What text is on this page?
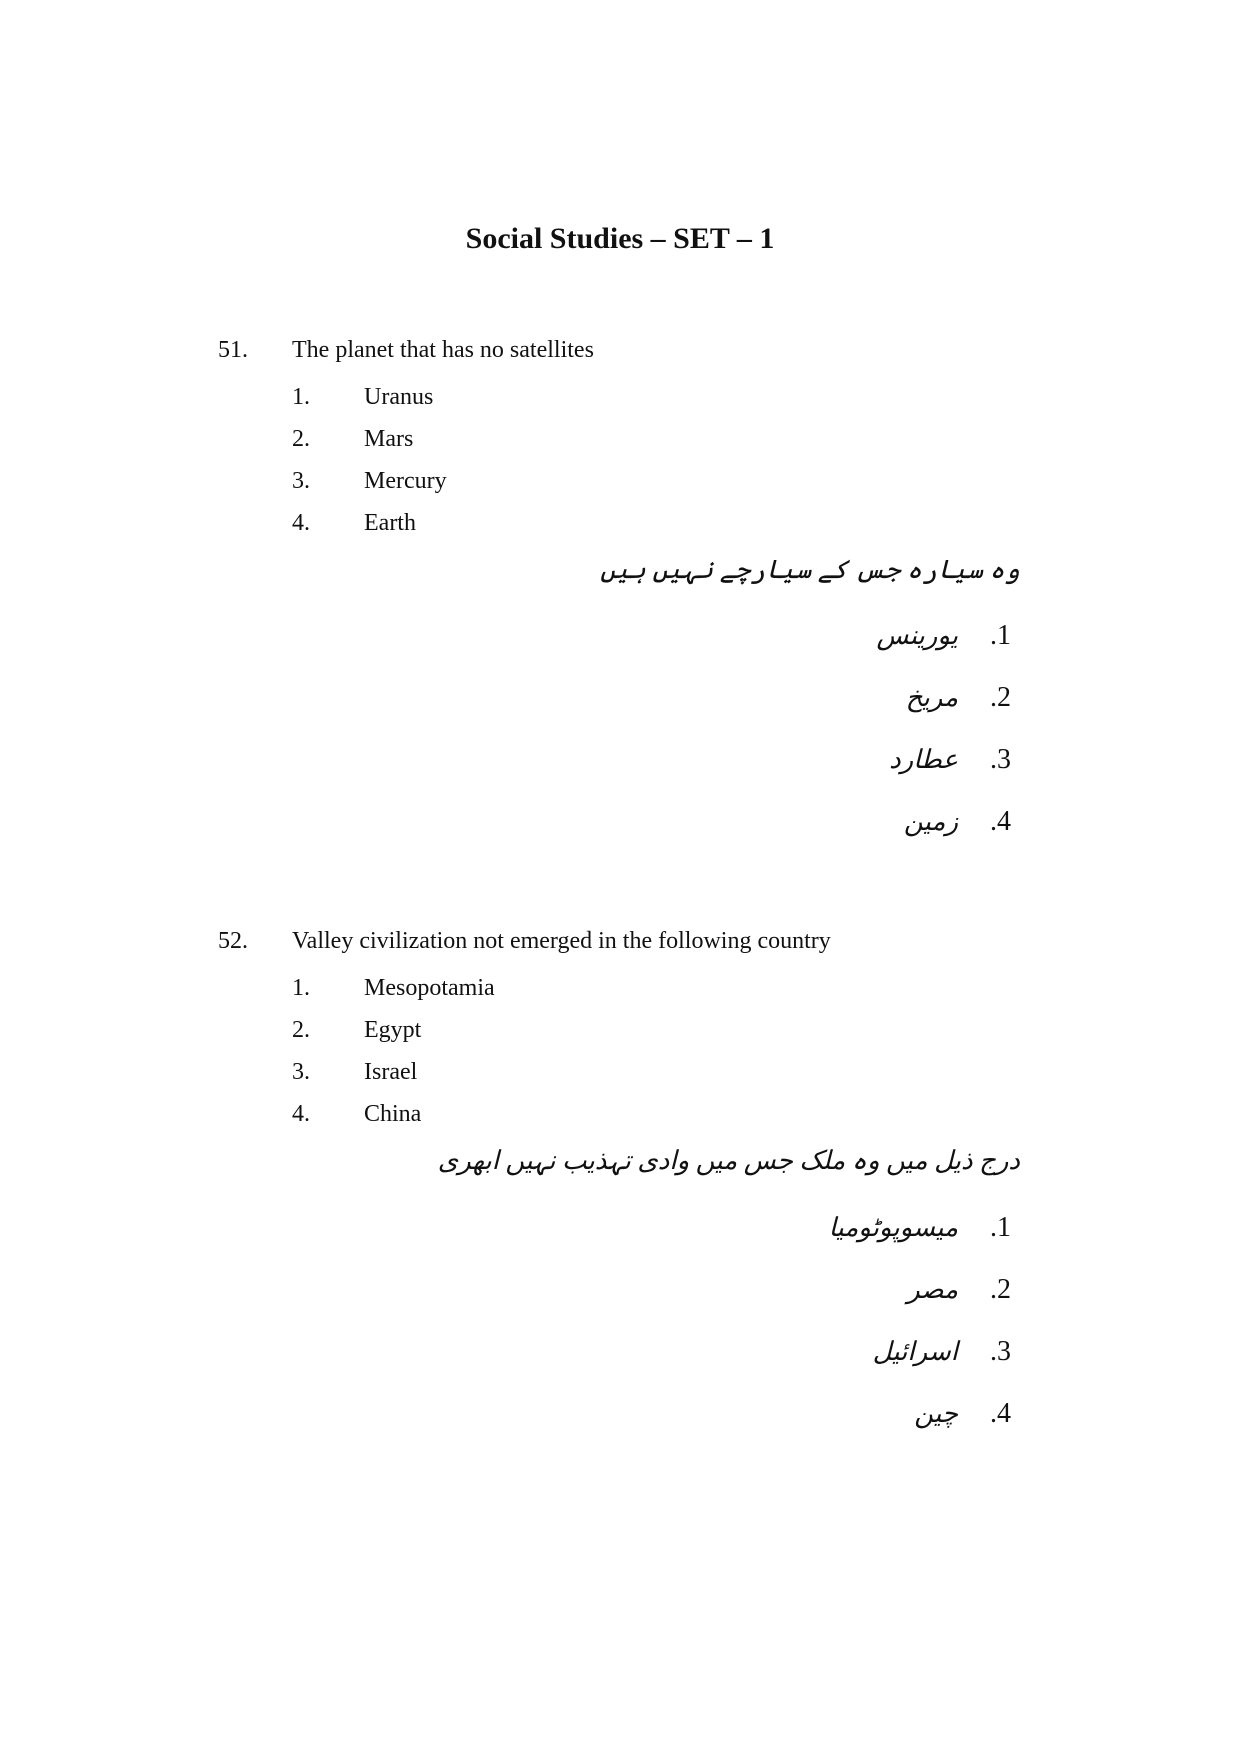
Social Studies – SET – 1
51. The planet that has no satellites
1. Uranus
2. Mars
3. Mercury
4. Earth
وہ سیارہ جس کے سیارچے نہیں ہیں
یورینس .1
مریخ .2
عطارد .3
زمین .4
52. Valley civilization not emerged in the following country
1. Mesopotamia
2. Egypt
3. Israel
4. China
درج ذیل میں وہ ملک جس میں وادی تہذیب نہیں ابھری
میسوپوٹومیا .1
مصر .2
اسرائیل .3
چین .4
